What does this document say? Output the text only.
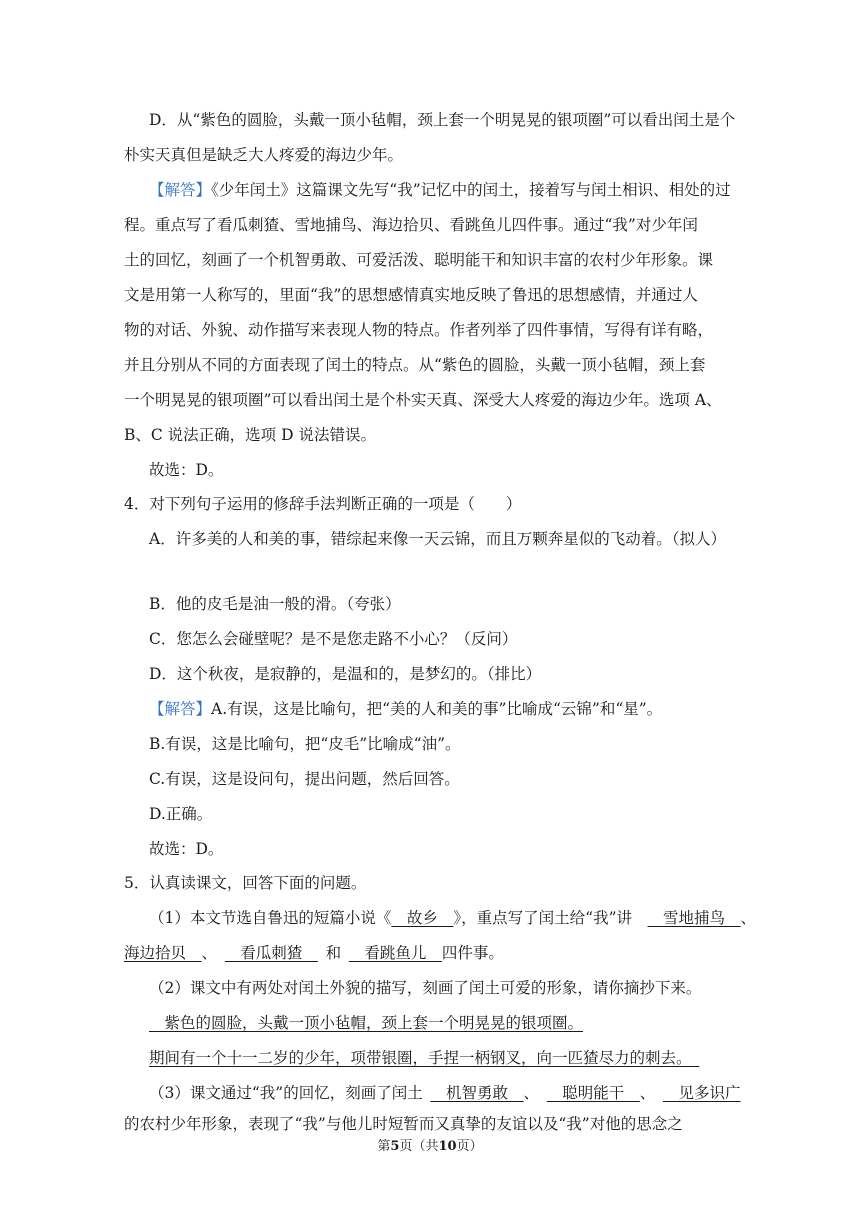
D．从“紫色的圆脸，头戴一顶小毡帽，颈上套一个明晃晃的银项圈”可以看出闰土是个
朴实天真但是缺乏大人疼爱的海边少年。
【解答】《少年闰土》这篇课文先写“我”记忆中的闰土，接着写与闰土相识、相处的过
程。重点写了看瓜刺猹、雪地捕鸟、海边拾贝、看跳鱼儿四件事。通过“我”对少年闰
土的回忆，刻画了一个机智勇敢、可爱活泼、聪明能干和知识丰富的农村少年形象。课
文是用第一人称写的，里面“我”的思想感情真实地反映了鲁迅的思想感情，并通过人
物的对话、外貌、动作描写来表现人物的特点。作者列举了四件事情，写得有详有略，
并且分别从不同的方面表现了闰土的特点。从“紫色的圆脸，头戴一顶小毡帽，颈上套
一个明晃晃的银项圈”可以看出闰土是个朴实天真、深受大人疼爱的海边少年。选项 A、
B、C 说法正确，选项 D 说法错误。
故选：D。
4．对下列句子运用的修辞手法判断正确的一项是（　　）
A．许多美的人和美的事，错综起来像一天云锦，而且万颗奔星似的飞动着。（拟人）
B．他的皮毛是油一般的滑。（夸张）
C．您怎么会碰壁呢？是不是您走路不小心？（反问）
D．这个秋夜，是寂静的，是温和的，是梦幻的。（排比）
【解答】A.有误，这是比喻句，把“美的人和美的事”比喻成“云锦”和“星”。
B.有误，这是比喻句，把“皮毛”比喻成“油”。
C.有误，这是设问句，提出问题，然后回答。
D.正确。
故选：D。
5．认真读课文，回答下面的问题。
（1）本文节选自鲁迅的短篇小说《　故乡　》，重点写了闰土给“我”讲　　雪地捕鸟　、
海边拾贝　、　　看瓜刺猹　 和 　看跳鱼儿　四件事。
（2）课文中有两处对闰土外貌的描写，刻画了闰土可爱的形象，请你摘抄下来。
　紫色的圆脸，头戴一顶小毡帽，颈上套一个明晃晃的银项圈。
期间有一个十一二岁的少年，项带银圈，手捏一柄钢叉，向一匹猹尽力的刺去。　
（3）课文通过“我”的回忆，刻画了闰土 　机智勇敢　、 　聪明能干　、 　见多识广
的农村少年形象，表现了“我”与他儿时短暂而又真挚的友谊以及“我”对他的思念之
第5页（共10页）
